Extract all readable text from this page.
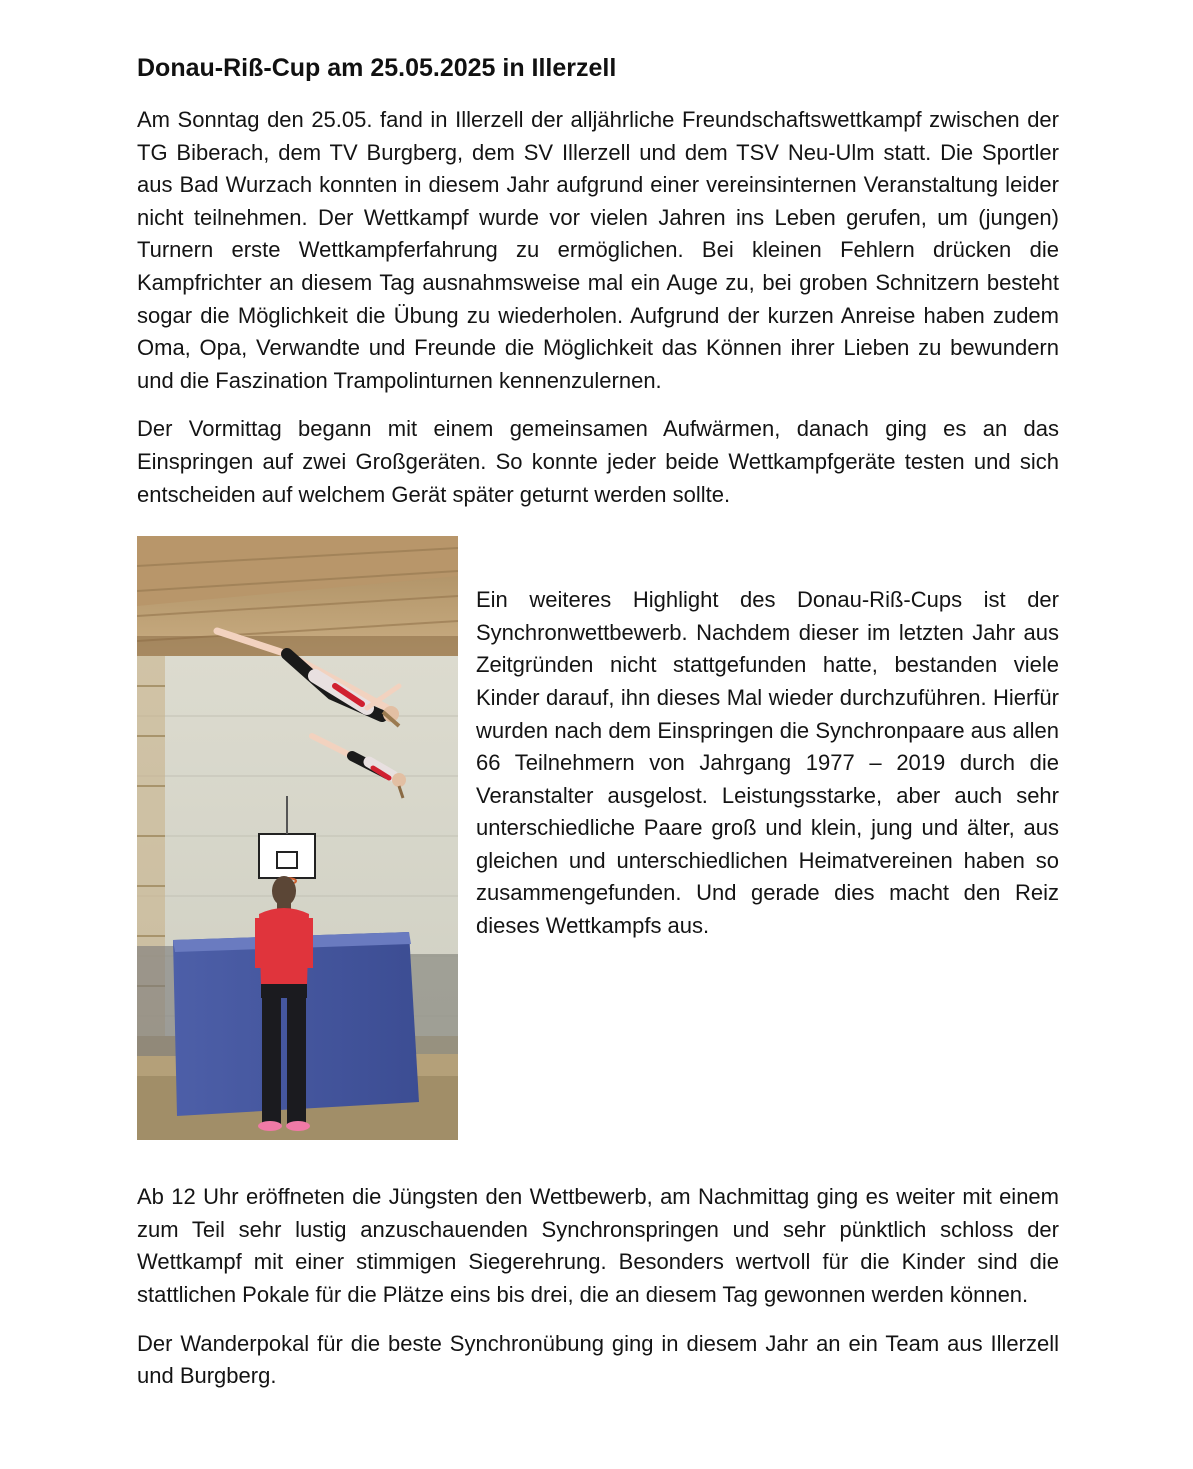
Donau-Riß-Cup am 25.05.2025 in Illerzell

Am Sonntag den 25.05. fand in Illerzell der alljährliche Freundschaftswettkampf zwischen der TG Biberach, dem TV Burgberg, dem SV Illerzell und dem TSV Neu-Ulm statt. Die Sportler aus Bad Wurzach konnten in diesem Jahr aufgrund einer vereinsinternen Veranstaltung leider nicht teilnehmen. Der Wettkampf wurde vor vielen Jahren ins Leben gerufen, um (jungen) Turnern erste Wettkampferfahrung zu ermöglichen. Bei kleinen Fehlern drücken die Kampfrichter an diesem Tag ausnahmsweise mal ein Auge zu, bei groben Schnitzern besteht sogar die Möglichkeit die Übung zu wiederholen. Aufgrund der kurzen Anreise haben zudem Oma, Opa, Verwandte und Freunde die Möglichkeit das Können ihrer Lieben zu bewundern und die Faszination Trampolinturnen kennenzulernen.

Der Vormittag begann mit einem gemeinsamen Aufwärmen, danach ging es an das Einspringen auf zwei Großgeräten. So konnte jeder beide Wettkampfgeräte testen und sich entscheiden auf welchem Gerät später geturnt werden sollte.

Ein weiteres Highlight des Donau-Riß-Cups ist der Synchronwettbewerb. Nachdem dieser im letzten Jahr aus Zeitgründen nicht stattgefunden hatte, bestanden viele Kinder darauf, ihn dieses Mal wieder durchzuführen. Hierfür wurden nach dem Einspringen die Synchronpaare aus allen 66 Teilnehmern von Jahrgang 1977 – 2019 durch die Veranstalter ausgelost. Leistungsstarke, aber auch sehr unterschiedliche Paare groß und klein, jung und älter, aus gleichen und unterschiedlichen Heimatvereinen haben so zusammengefunden. Und gerade dies macht den Reiz dieses Wettkampfs aus.

Ab 12 Uhr eröffneten die Jüngsten den Wettbewerb, am Nachmittag ging es weiter mit einem zum Teil sehr lustig anzuschauenden Synchronspringen und sehr pünktlich schloss der Wettkampf mit einer stimmigen Siegerehrung. Besonders wertvoll für die Kinder sind die stattlichen Pokale für die Plätze eins bis drei, die an diesem Tag gewonnen werden können.

Der Wanderpokal für die beste Synchronübung ging in diesem Jahr an ein Team aus Illerzell und Burgberg.
